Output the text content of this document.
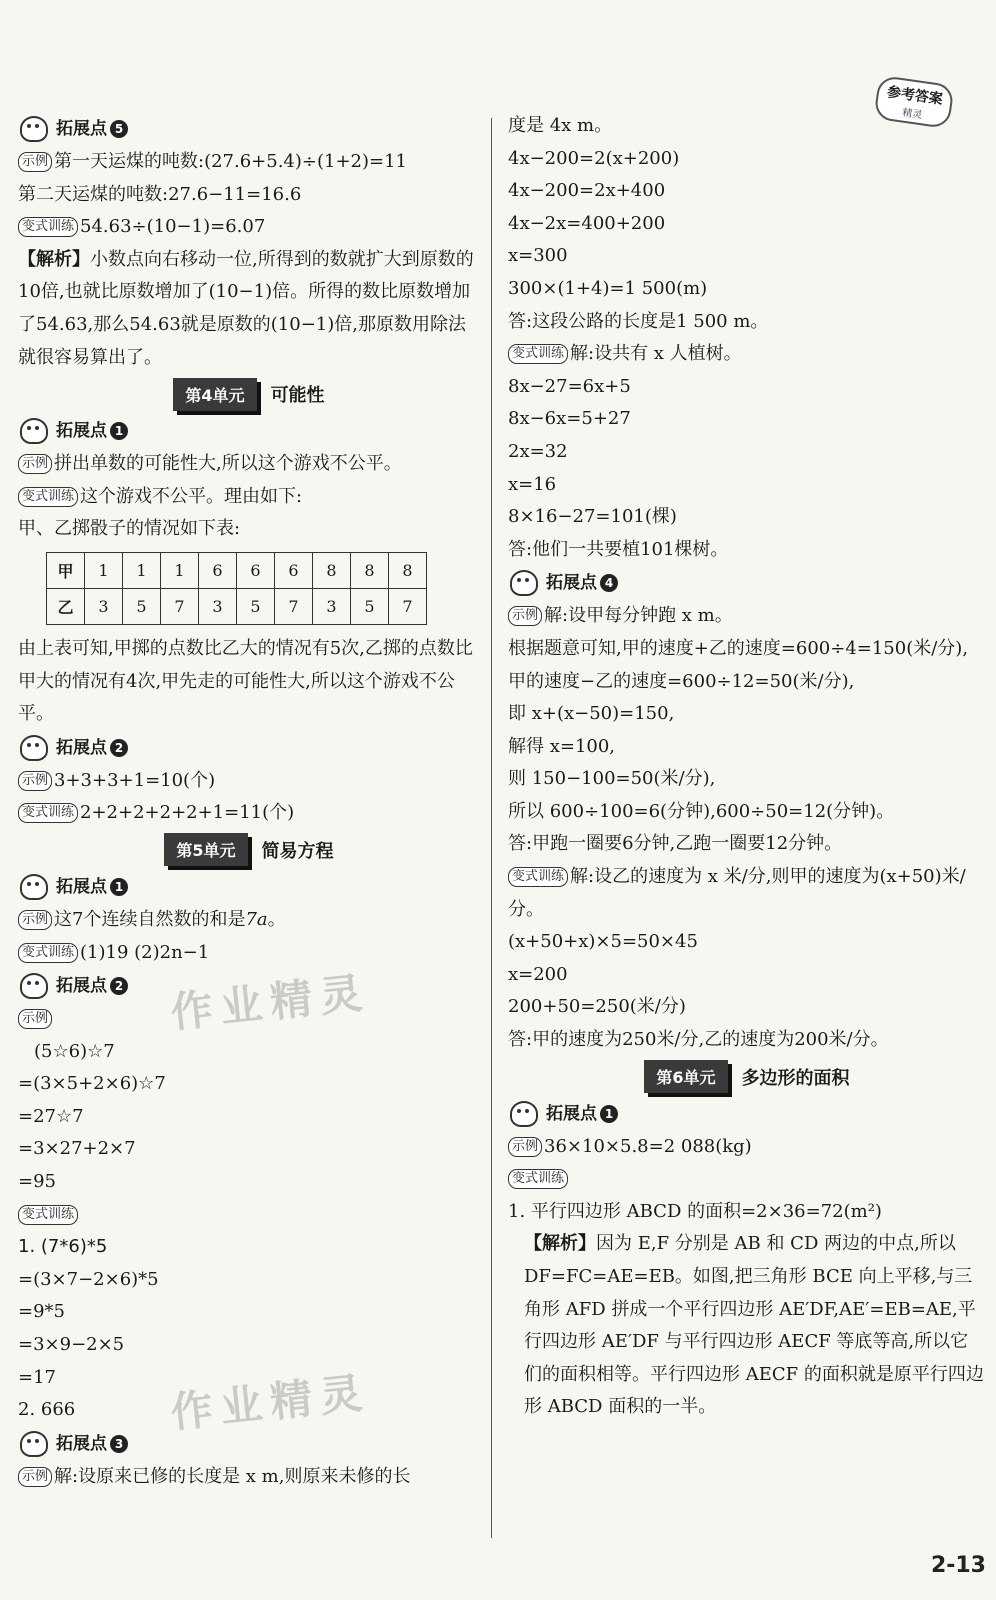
参考答案
精灵
拓展点 5
示例 第一天运煤的吨数:(27.6+5.4)÷(1+2)=11
第二天运煤的吨数:27.6−11=16.6
变式训练 54.63÷(10−1)=6.07
【解析】小数点向右移动一位,所得到的数就扩大到原数的10倍,也就比原数增加了(10−1)倍。所得的数比原数增加了54.63,那么54.63就是原数的(10−1)倍,那原数用除法就很容易算出了。
第4单元	可能性
拓展点 1
示例 拼出单数的可能性大,所以这个游戏不公平。
变式训练 这个游戏不公平。理由如下:
甲、乙掷骰子的情况如下表:
甲	1	1	1	6	6	6	8	8	8
乙	3	5	7	3	5	7	3	5	7
由上表可知,甲掷的点数比乙大的情况有5次,乙掷的点数比甲大的情况有4次,甲先走的可能性大,所以这个游戏不公平。
拓展点 2
示例 3+3+3+1=10(个)
变式训练 2+2+2+2+2+1=11(个)
第5单元	简易方程
拓展点 1
示例 这7个连续自然数的和是7a。
变式训练 (1)19 (2)2n−1
拓展点 2
示例
(5☆6)☆7
=(3×5+2×6)☆7
=27☆7
=3×27+2×7
=95
变式训练
1. (7*6)*5
=(3×7−2×6)*5
=9*5
=3×9−2×5
=17
2. 666
拓展点 3
示例 解:设原来已修的长度是 x m,则原来未修的长
度是 4x m。
4x−200=2(x+200)
4x−200=2x+400
4x−2x=400+200
x=300
300×(1+4)=1 500(m)
答:这段公路的长度是1 500 m。
变式训练 解:设共有 x 人植树。
8x−27=6x+5
8x−6x=5+27
2x=32
x=16
8×16−27=101(棵)
答:他们一共要植101棵树。
拓展点 4
示例 解:设甲每分钟跑 x m。
根据题意可知,甲的速度+乙的速度=600÷4=150(米/分),
甲的速度−乙的速度=600÷12=50(米/分),
即 x+(x−50)=150,
解得 x=100,
则 150−100=50(米/分),
所以 600÷100=6(分钟),600÷50=12(分钟)。
答:甲跑一圈要6分钟,乙跑一圈要12分钟。
变式训练 解:设乙的速度为 x 米/分,则甲的速度为(x+50)米/分。
(x+50+x)×5=50×45
x=200
200+50=250(米/分)
答:甲的速度为250米/分,乙的速度为200米/分。
第6单元	多边形的面积
拓展点 1
示例 36×10×5.8=2 088(kg)
变式训练
1. 平行四边形 ABCD 的面积=2×36=72(m²)
【解析】因为 E,F 分别是 AB 和 CD 两边的中点,所以 DF=FC=AE=EB。如图,把三角形 BCE 向上平移,与三角形 AFD 拼成一个平行四边形 AE′DF,AE′=EB=AE,平行四边形 AE′DF 与平行四边形 AECF 等底等高,所以它们的面积相等。平行四边形 AECF 的面积就是原平行四边形 ABCD 面积的一半。
作业精灵
作业精灵
2-13
